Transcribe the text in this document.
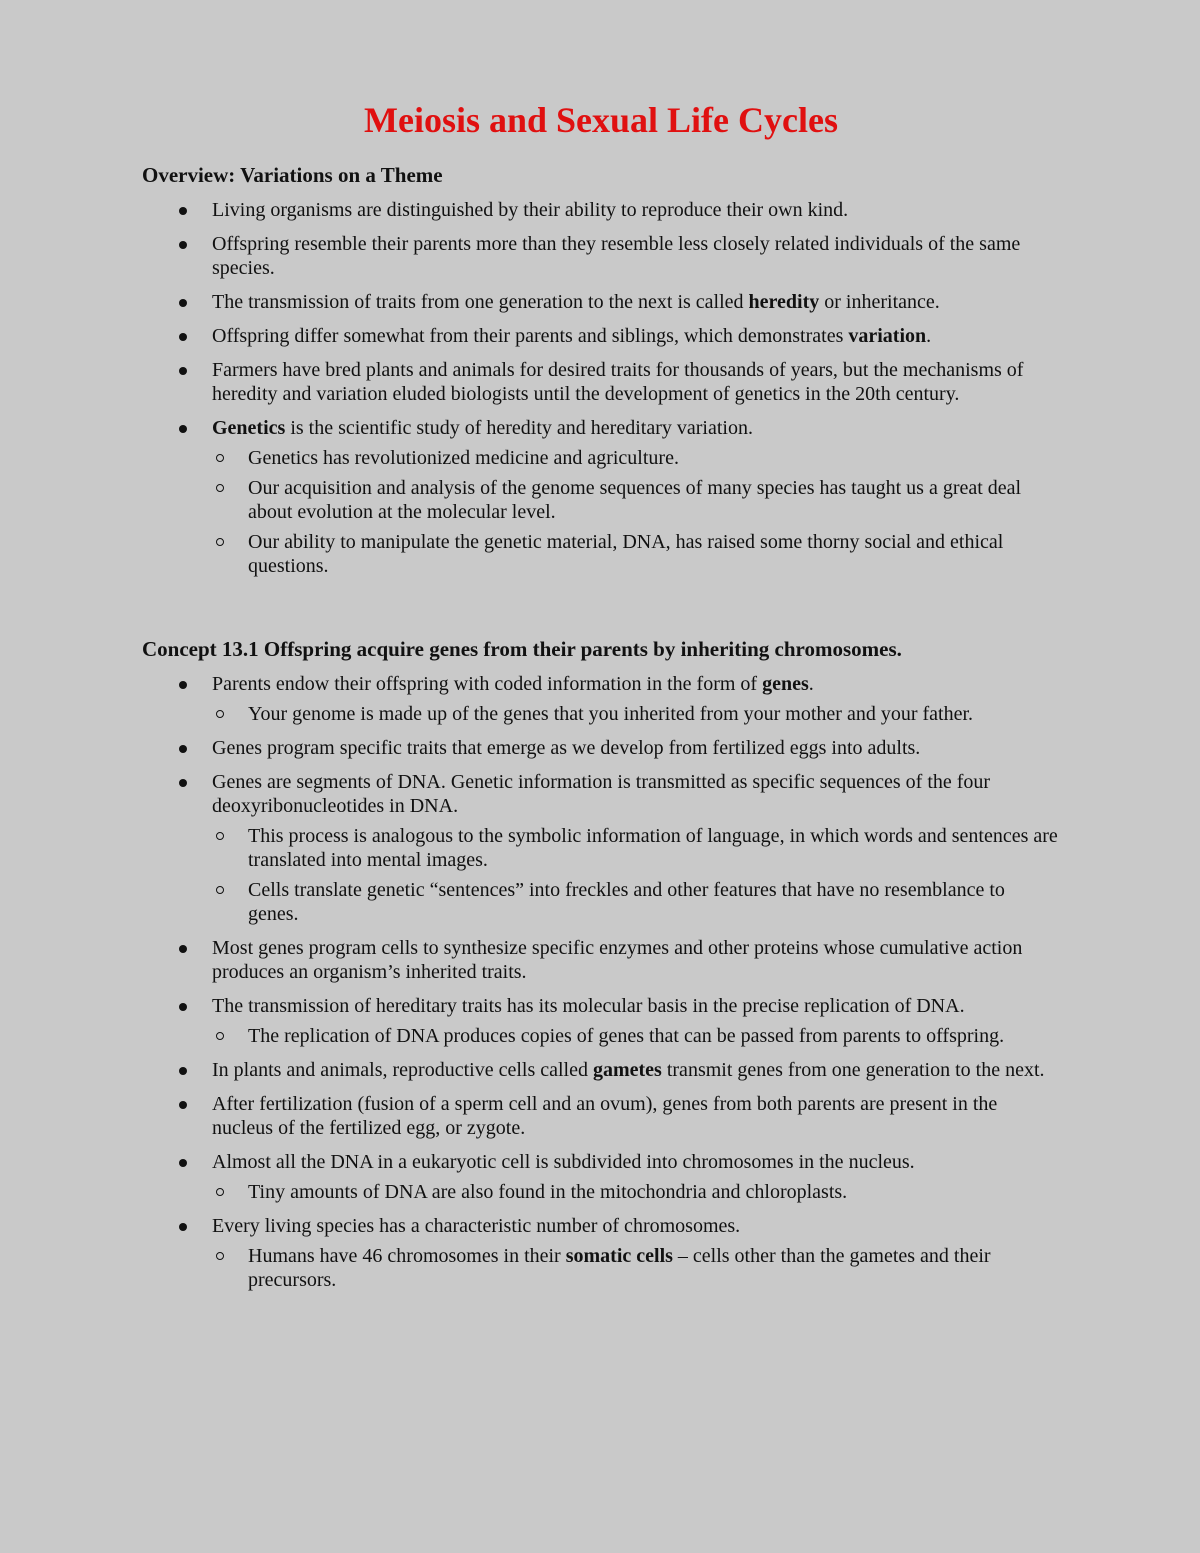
Meiosis and Sexual Life Cycles
Overview: Variations on a Theme
Living organisms are distinguished by their ability to reproduce their own kind.
Offspring resemble their parents more than they resemble less closely related individuals of the same species.
The transmission of traits from one generation to the next is called heredity or inheritance.
Offspring differ somewhat from their parents and siblings, which demonstrates variation.
Farmers have bred plants and animals for desired traits for thousands of years, but the mechanisms of heredity and variation eluded biologists until the development of genetics in the 20th century.
Genetics is the scientific study of heredity and hereditary variation.
Genetics has revolutionized medicine and agriculture.
Our acquisition and analysis of the genome sequences of many species has taught us a great deal about evolution at the molecular level.
Our ability to manipulate the genetic material, DNA, has raised some thorny social and ethical questions.
Concept 13.1 Offspring acquire genes from their parents by inheriting chromosomes.
Parents endow their offspring with coded information in the form of genes.
Your genome is made up of the genes that you inherited from your mother and your father.
Genes program specific traits that emerge as we develop from fertilized eggs into adults.
Genes are segments of DNA. Genetic information is transmitted as specific sequences of the four deoxyribonucleotides in DNA.
This process is analogous to the symbolic information of language, in which words and sentences are translated into mental images.
Cells translate genetic “sentences” into freckles and other features that have no resemblance to genes.
Most genes program cells to synthesize specific enzymes and other proteins whose cumulative action produces an organism’s inherited traits.
The transmission of hereditary traits has its molecular basis in the precise replication of DNA.
The replication of DNA produces copies of genes that can be passed from parents to offspring.
In plants and animals, reproductive cells called gametes transmit genes from one generation to the next.
After fertilization (fusion of a sperm cell and an ovum), genes from both parents are present in the nucleus of the fertilized egg, or zygote.
Almost all the DNA in a eukaryotic cell is subdivided into chromosomes in the nucleus.
Tiny amounts of DNA are also found in the mitochondria and chloroplasts.
Every living species has a characteristic number of chromosomes.
Humans have 46 chromosomes in their somatic cells – cells other than the gametes and their precursors.
